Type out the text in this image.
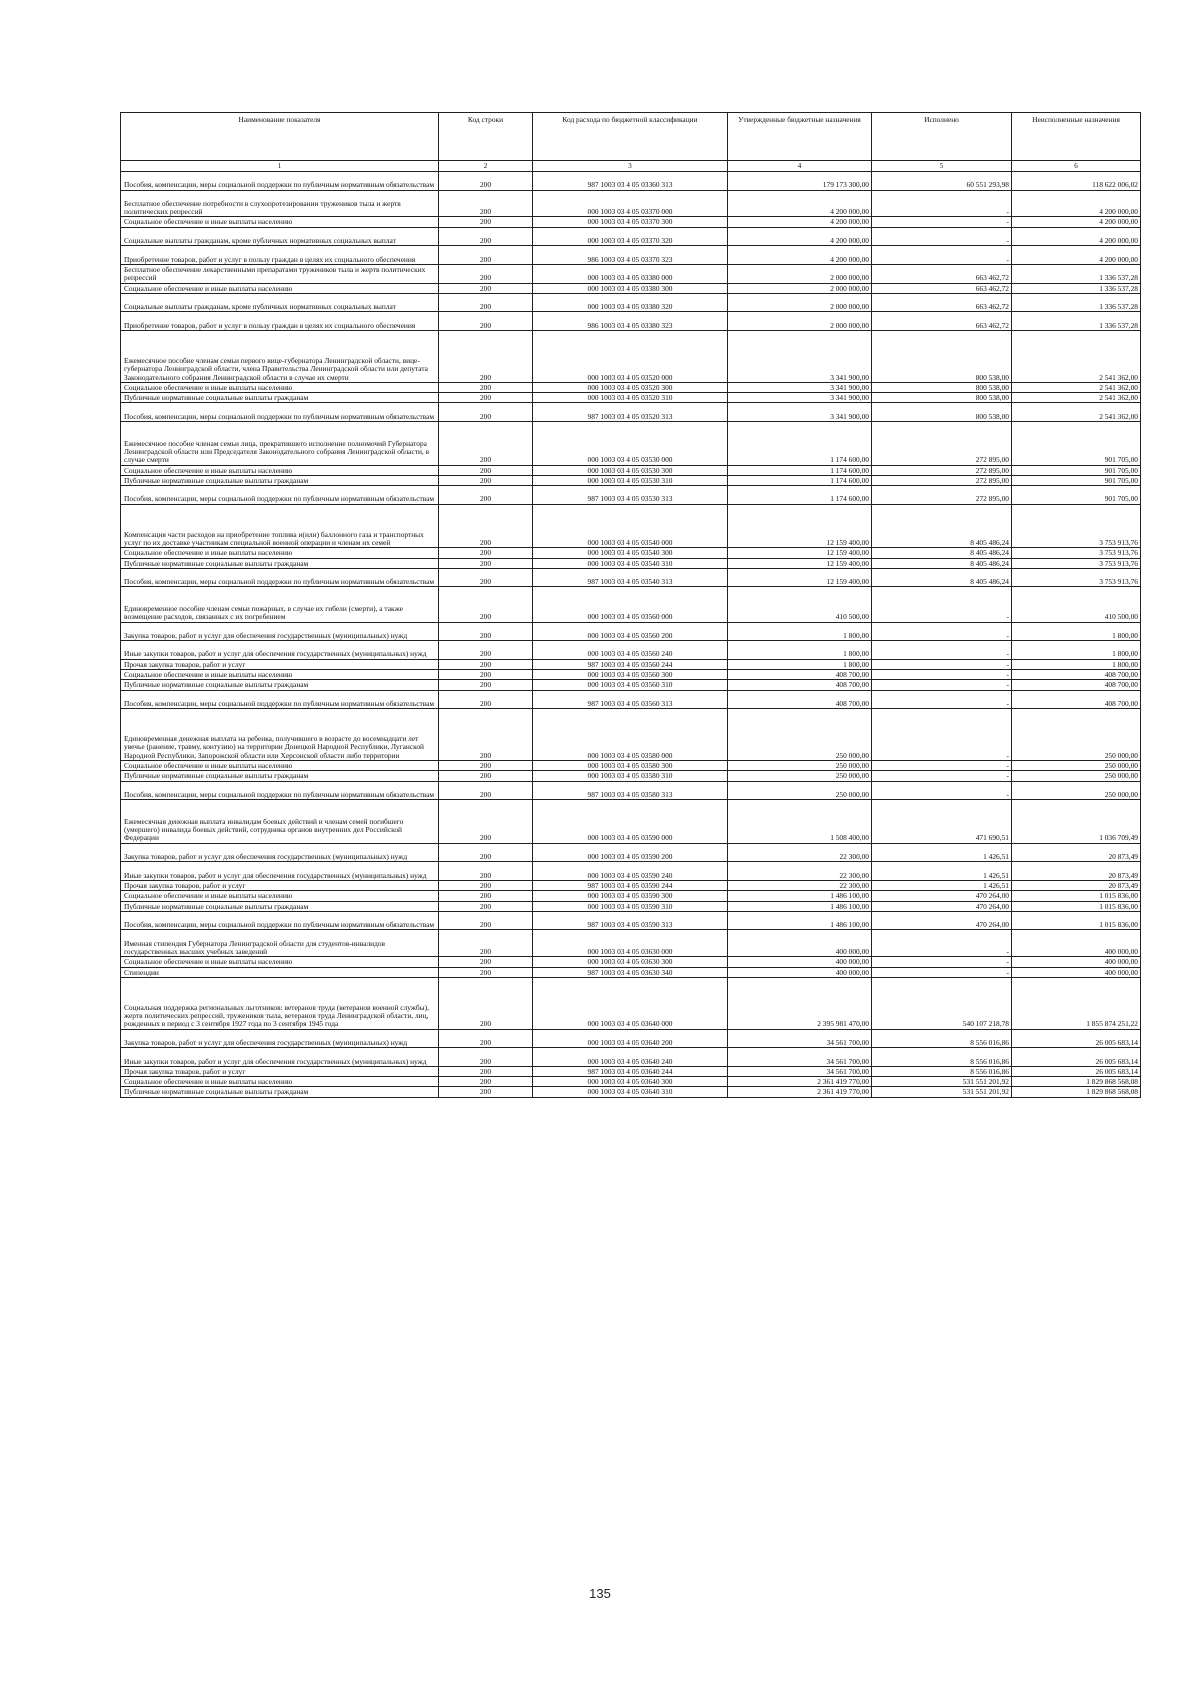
Наименование показателя	Код строки	Код расхода по бюджетной классификации	Утвержденные бюджетные назначения	Исполнено	Неисполненные назначения
1	2	3	4	5	6
Пособия, компенсации, меры социальной поддержки по публичным нормативным обязательствам	200	987 1003 03 4 05 03360 313	179 173 300,00	60 551 293,98	118 622 006,02
Бесплатное обеспечение потребности в слухопротезировании тружеников тыла и жертв политических репрессий	200	000 1003 03 4 05 03370 000	4 200 000,00	-	4 200 000,00
Социальное обеспечение и иные выплаты населению	200	000 1003 03 4 05 03370 300	4 200 000,00	-	4 200 000,00
Социальные выплаты гражданам, кроме публичных нормативных социальных выплат	200	000 1003 03 4 05 03370 320	4 200 000,00	-	4 200 000,00
Приобретение товаров, работ и услуг в пользу граждан в целях их социального обеспечения	200	986 1003 03 4 05 03370 323	4 200 000,00	-	4 200 000,00
Бесплатное обеспечение лекарственными препаратами тружеников тыла и жертв политических репрессий	200	000 1003 03 4 05 03380 000	2 000 000,00	663 462,72	1 336 537,28
Социальное обеспечение и иные выплаты населению	200	000 1003 03 4 05 03380 300	2 000 000,00	663 462,72	1 336 537,28
Социальные выплаты гражданам, кроме публичных нормативных социальных выплат	200	000 1003 03 4 05 03380 320	2 000 000,00	663 462,72	1 336 537,28
Приобретение товаров, работ и услуг в пользу граждан в целях их социального обеспечения	200	986 1003 03 4 05 03380 323	2 000 000,00	663 462,72	1 336 537,28
Ежемесячное пособие членам семьи первого вице-губернатора Ленинградской области, вице-губернатора Ленинградской области, члена Правительства Ленинградской области или депутата Законодательного собрания Ленинградской области в случае их смерти	200	000 1003 03 4 05 03520 000	3 341 900,00	800 538,00	2 541 362,00
Социальное обеспечение и иные выплаты населению	200	000 1003 03 4 05 03520 300	3 341 900,00	800 538,00	2 541 362,00
Публичные нормативные социальные выплаты гражданам	200	000 1003 03 4 05 03520 310	3 341 900,00	800 538,00	2 541 362,00
Пособия, компенсации, меры социальной поддержки по публичным нормативным обязательствам	200	987 1003 03 4 05 03520 313	3 341 900,00	800 538,00	2 541 362,00
Ежемесячное пособие членам семьи лица, прекратившего исполнение полномочий Губернатора Ленинградской области или Председателя Законодательного собрания Ленинградской области, в случае смерти	200	000 1003 03 4 05 03530 000	1 174 600,00	272 895,00	901 705,00
Социальное обеспечение и иные выплаты населению	200	000 1003 03 4 05 03530 300	1 174 600,00	272 895,00	901 705,00
Публичные нормативные социальные выплаты гражданам	200	000 1003 03 4 05 03530 310	1 174 600,00	272 895,00	901 705,00
Пособия, компенсации, меры социальной поддержки по публичным нормативным обязательствам	200	987 1003 03 4 05 03530 313	1 174 600,00	272 895,00	901 705,00
Компенсация части расходов на приобретение топлива и(или) баллонного газа и транспортных услуг по их доставке участникам специальной военной операции и членам их семей	200	000 1003 03 4 05 03540 000	12 159 400,00	8 405 486,24	3 753 913,76
Социальное обеспечение и иные выплаты населению	200	000 1003 03 4 05 03540 300	12 159 400,00	8 405 486,24	3 753 913,76
Публичные нормативные социальные выплаты гражданам	200	000 1003 03 4 05 03540 310	12 159 400,00	8 405 486,24	3 753 913,76
Пособия, компенсации, меры социальной поддержки по публичным нормативным обязательствам	200	987 1003 03 4 05 03540 313	12 159 400,00	8 405 486,24	3 753 913,76
Единовременное пособие членам семьи пожарных, в случае их гибели (смерти), а также возмещение расходов, связанных с их погребением	200	000 1003 03 4 05 03560 000	410 500,00	-	410 500,00
Закупка товаров, работ и услуг для обеспечения государственных (муниципальных) нужд	200	000 1003 03 4 05 03560 200	1 800,00	-	1 800,00
Иные закупки товаров, работ и услуг для обеспечения государственных (муниципальных) нужд	200	000 1003 03 4 05 03560 240	1 800,00	-	1 800,00
Прочая закупка товаров, работ и услуг	200	987 1003 03 4 05 03560 244	1 800,00	-	1 800,00
Социальное обеспечение и иные выплаты населению	200	000 1003 03 4 05 03560 300	408 700,00	-	408 700,00
Публичные нормативные социальные выплаты гражданам	200	000 1003 03 4 05 03560 310	408 700,00	-	408 700,00
Пособия, компенсации, меры социальной поддержки по публичным нормативным обязательствам	200	987 1003 03 4 05 03560 313	408 700,00	-	408 700,00
Единовременная денежная выплата на ребенка, получившего в возрасте до восемнадцати лет увечье (ранение, травму, контузию) на территории Донецкой Народной Республики, Луганской Народной Республики, Запорожской области или Херсонской области либо территории	200	000 1003 03 4 05 03580 000	250 000,00	-	250 000,00
Социальное обеспечение и иные выплаты населению	200	000 1003 03 4 05 03580 300	250 000,00	-	250 000,00
Публичные нормативные социальные выплаты гражданам	200	000 1003 03 4 05 03580 310	250 000,00	-	250 000,00
Пособия, компенсации, меры социальной поддержки по публичным нормативным обязательствам	200	987 1003 03 4 05 03580 313	250 000,00	-	250 000,00
Ежемесячная денежная выплата инвалидам боевых действий и членам семей погибшего (умершего) инвалида боевых действий, сотрудника органов внутренних дел Российской Федерации	200	000 1003 03 4 05 03590 000	1 508 400,00	471 690,51	1 036 709,49
Закупка товаров, работ и услуг для обеспечения государственных (муниципальных) нужд	200	000 1003 03 4 05 03590 200	22 300,00	1 426,51	20 873,49
Иные закупки товаров, работ и услуг для обеспечения государственных (муниципальных) нужд	200	000 1003 03 4 05 03590 240	22 300,00	1 426,51	20 873,49
Прочая закупка товаров, работ и услуг	200	987 1003 03 4 05 03590 244	22 300,00	1 426,51	20 873,49
Социальное обеспечение и иные выплаты населению	200	000 1003 03 4 05 03590 300	1 486 100,00	470 264,00	1 015 836,00
Публичные нормативные социальные выплаты гражданам	200	000 1003 03 4 05 03590 310	1 486 100,00	470 264,00	1 015 836,00
Пособия, компенсации, меры социальной поддержки по публичным нормативным обязательствам	200	987 1003 03 4 05 03590 313	1 486 100,00	470 264,00	1 015 836,00
Именная стипендия Губернатора Ленинградской области для студентов-инвалидов государственных высших учебных заведений	200	000 1003 03 4 05 03630 000	400 000,00	-	400 000,00
Социальное обеспечение и иные выплаты населению	200	000 1003 03 4 05 03630 300	400 000,00	-	400 000,00
Стипендии	200	987 1003 03 4 05 03630 340	400 000,00	-	400 000,00
Социальная поддержка региональных льготников: ветеранов труда (ветеранов военной службы), жертв политических репрессий, тружеников тыла, ветеранов труда Ленинградской области, лиц, рожденных в период с 3 сентября 1927 года по 3 сентября 1945 года	200	000 1003 03 4 05 03640 000	2 395 981 470,00	540 107 218,78	1 855 874 251,22
Закупка товаров, работ и услуг для обеспечения государственных (муниципальных) нужд	200	000 1003 03 4 05 03640 200	34 561 700,00	8 556 016,86	26 005 683,14
Иные закупки товаров, работ и услуг для обеспечения государственных (муниципальных) нужд	200	000 1003 03 4 05 03640 240	34 561 700,00	8 556 016,86	26 005 683,14
Прочая закупка товаров, работ и услуг	200	987 1003 03 4 05 03640 244	34 561 700,00	8 556 016,86	26 005 683,14
Социальное обеспечение и иные выплаты населению	200	000 1003 03 4 05 03640 300	2 361 419 770,00	531 551 201,92	1 829 868 568,08
Публичные нормативные социальные выплаты гражданам	200	000 1003 03 4 05 03640 310	2 361 419 770,00	531 551 201,92	1 829 868 568,08
135
